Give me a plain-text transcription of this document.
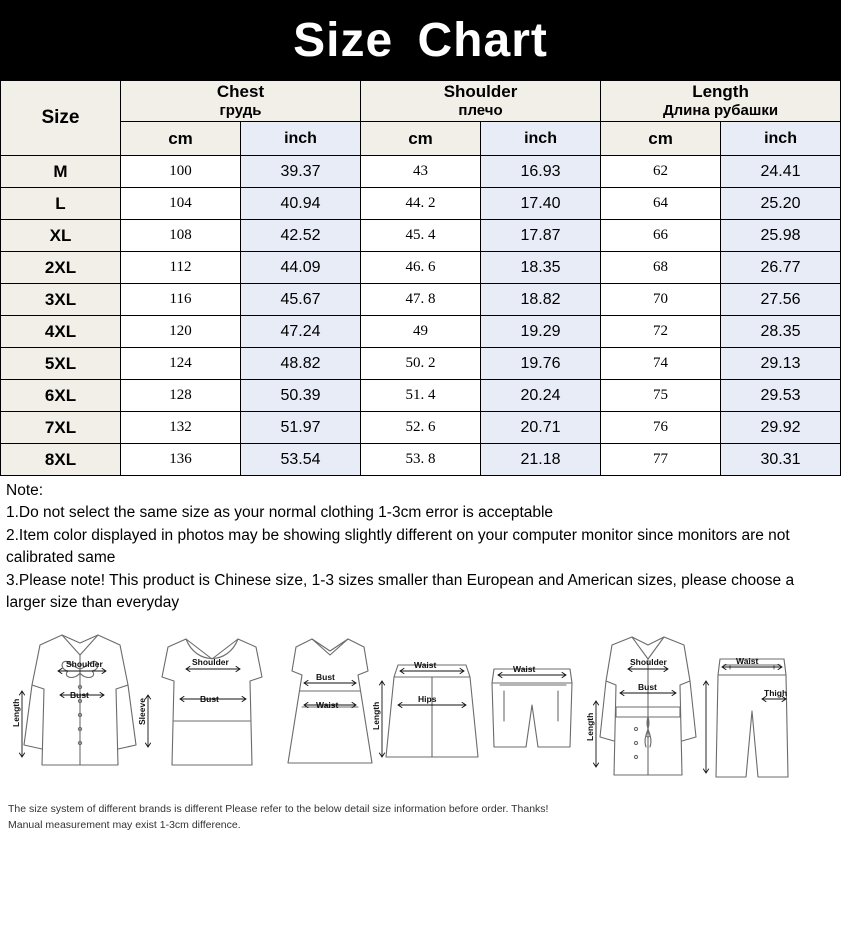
Size Chart
Size	Chest
грудь		Shoulder
плечо		Length
Длина рубашки	

	cm	inch	cm	inch	cm	inch
M	100	39.37	43	16.93	62	24.41
L	104	40.94	44. 2	17.40	64	25.20
XL	108	42.52	45. 4	17.87	66	25.98
2XL	112	44.09	46. 6	18.35	68	26.77
3XL	116	45.67	47. 8	18.82	70	27.56
4XL	120	47.24	49	19.29	72	28.35
5XL	124	48.82	50. 2	19.76	74	29.13
6XL	128	50.39	51. 4	20.24	75	29.53
7XL	132	51.97	52. 6	20.71	76	29.92
8XL	136	53.54	53. 8	21.18	77	30.31
Note:
1.Do not select the same size as your normal clothing 1-3cm error is acceptable
2.Item color displayed in photos may be showing slightly different on your computer monitor since monitors are not calibrated same
3.Please note! This product is Chinese size, 1-3 sizes smaller than European and American sizes, please choose a larger size than everyday
Shoulder
Bust
Length	Sleeve
Shoulder
Bust
Bust
Waist	Length
Waist
Hips
Waist
Shoulder
Bust
Length
Waist
Thigh
The size system of different brands is different Please refer to the below detail size information before order. Thanks!
Manual measurement may exist 1-3cm difference.
